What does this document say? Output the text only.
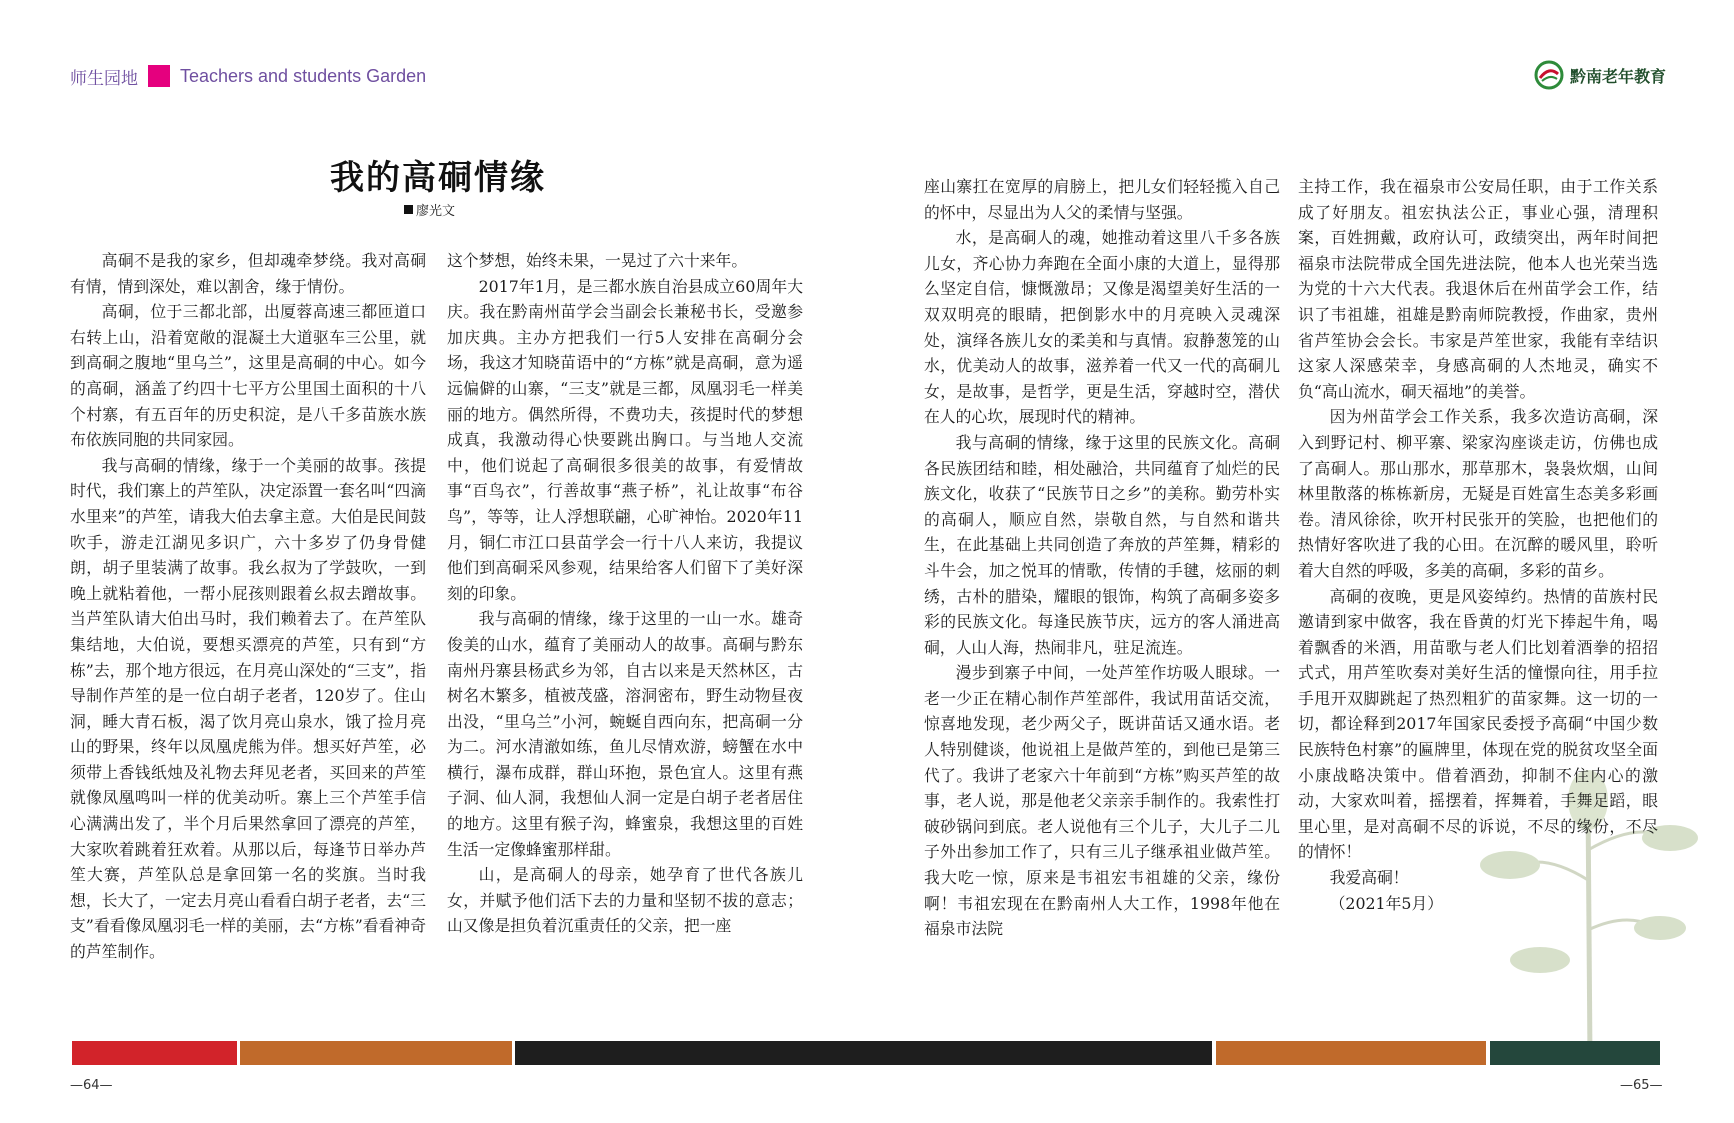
师生园地 Teachers and students Garden	黔南老年教育
我的高硐情缘
廖光文

高硐不是我的家乡，但却魂牵梦绕。我对高硐有情，情到深处，难以割舍，缘于情份。

高硐，位于三都北部，出厦蓉高速三都匝道口右转上山，沿着宽敞的混凝土大道驱车三公里，就到高硐之腹地“里乌兰”，这里是高硐的中心。如今的高硐，涵盖了约四十七平方公里国土面积的十八个村寨，有五百年的历史积淀，是八千多苗族水族布依族同胞的共同家园。

我与高硐的情缘，缘于一个美丽的故事。孩提时代，我们寨上的芦笙队，决定添置一套名叫“四滴水里来”的芦笙，请我大伯去拿主意。大伯是民间鼓吹手，游走江湖见多识广，六十多岁了仍身骨健朗，胡子里装满了故事。我幺叔为了学鼓吹，一到晚上就粘着他，一帮小屁孩则跟着幺叔去蹭故事。当芦笙队请大伯出马时，我们赖着去了。在芦笙队集结地，大伯说，要想买漂亮的芦笙，只有到“方栋”去，那个地方很远，在月亮山深处的“三支”，指导制作芦笙的是一位白胡子老者，120岁了。住山洞，睡大青石板，渴了饮月亮山泉水，饿了捡月亮山的野果，终年以凤凰虎熊为伴。想买好芦笙，必须带上香钱纸烛及礼物去拜见老者，买回来的芦笙就像凤凰鸣叫一样的优美动听。寨上三个芦笙手信心满满出发了，半个月后果然拿回了漂亮的芦笙，大家吹着跳着狂欢着。从那以后，每逢节日举办芦笙大赛，芦笙队总是拿回第一名的奖旗。当时我想，长大了，一定去月亮山看看白胡子老者，去“三支”看看像凤凰羽毛一样的美丽，去“方栋”看看神奇的芦笙制作。

这个梦想，始终未果，一晃过了六十来年。

2017年1月，是三都水族自治县成立60周年大庆。我在黔南州苗学会当副会长兼秘书长，受邀参加庆典。主办方把我们一行5人安排在高硐分会场，我这才知晓苗语中的“方栋”就是高硐，意为遥远偏僻的山寨，“三支”就是三都，凤凰羽毛一样美丽的地方。偶然所得，不费功夫，孩提时代的梦想成真，我激动得心快要跳出胸口。与当地人交流中，他们说起了高硐很多很美的故事，有爱情故事“百鸟衣”，行善故事“燕子桥”，礼让故事“布谷鸟”，等等，让人浮想联翩，心旷神怡。2020年11月，铜仁市江口县苗学会一行十八人来访，我提议他们到高硐采风参观，结果给客人们留下了美好深刻的印象。

我与高硐的情缘，缘于这里的一山一水。雄奇俊美的山水，蕴育了美丽动人的故事。高硐与黔东南州丹寨县杨武乡为邻，自古以来是天然林区，古树名木繁多，植被茂盛，溶洞密布，野生动物昼夜出没，“里乌兰”小河，蜿蜒自西向东，把高硐一分为二。河水清澈如练，鱼儿尽情欢游，螃蟹在水中横行，瀑布成群，群山环抱，景色宜人。这里有燕子洞、仙人洞，我想仙人洞一定是白胡子老者居住的地方。这里有猴子沟，蜂蜜泉，我想这里的百姓生活一定像蜂蜜那样甜。

山，是高硐人的母亲，她孕育了世代各族儿女，并赋予他们活下去的力量和坚韧不拔的意志；山又像是担负着沉重责任的父亲，把一座

座山寨扛在宽厚的肩膀上，把儿女们轻轻揽入自己的怀中，尽显出为人父的柔情与坚强。

水，是高硐人的魂，她推动着这里八千多各族儿女，齐心协力奔跑在全面小康的大道上，显得那么坚定自信，慷慨激昂；又像是渴望美好生活的一双双明亮的眼睛，把倒影水中的月亮映入灵魂深处，演绎各族儿女的柔美和与真情。寂静葱笼的山水，优美动人的故事，滋养着一代又一代的高硐儿女，是故事，是哲学，更是生活，穿越时空，潜伏在人的心坎，展现时代的精神。

我与高硐的情缘，缘于这里的民族文化。高硐各民族团结和睦，相处融洽，共同蕴育了灿烂的民族文化，收获了“民族节日之乡”的美称。勤劳朴实的高硐人，顺应自然，崇敬自然，与自然和谐共生，在此基础上共同创造了奔放的芦笙舞，精彩的斗牛会，加之悦耳的情歌，传情的手毽，炫丽的刺绣，古朴的腊染，耀眼的银饰，构筑了高硐多姿多彩的民族文化。每逢民族节庆，远方的客人涌进高硐，人山人海，热闹非凡，驻足流连。

漫步到寨子中间，一处芦笙作坊吸人眼球。一老一少正在精心制作芦笙部件，我试用苗话交流，惊喜地发现，老少两父子，既讲苗话又通水语。老人特别健谈，他说祖上是做芦笙的，到他已是第三代了。我讲了老家六十年前到“方栋”购买芦笙的故事，老人说，那是他老父亲亲手制作的。我索性打破砂锅问到底。老人说他有三个儿子，大儿子二儿子外出参加工作了，只有三儿子继承祖业做芦笙。我大吃一惊，原来是韦祖宏韦祖雄的父亲，缘份啊！韦祖宏现在在黔南州人大工作，1998年他在福泉市法院

主持工作，我在福泉市公安局任职，由于工作关系成了好朋友。祖宏执法公正，事业心强，清理积案，百姓拥戴，政府认可，政绩突出，两年时间把福泉市法院带成全国先进法院，他本人也光荣当选为党的十六大代表。我退休后在州苗学会工作，结识了韦祖雄，祖雄是黔南师院教授，作曲家，贵州省芦笙协会会长。韦家是芦笙世家，我能有幸结识这家人深感荣幸，身感高硐的人杰地灵，确实不负“高山流水，硐天福地”的美誉。

因为州苗学会工作关系，我多次造访高硐，深入到野记村、柳平寨、梁家沟座谈走访，仿佛也成了高硐人。那山那水，那草那木，袅袅炊烟，山间林里散落的栋栋新房，无疑是百姓富生态美多彩画卷。清风徐徐，吹开村民张开的笑脸，也把他们的热情好客吹进了我的心田。在沉醉的暖风里，聆听着大自然的呼吸，多美的高硐，多彩的苗乡。

高硐的夜晚，更是风姿绰约。热情的苗族村民邀请到家中做客，我在昏黄的灯光下捧起牛角，喝着飘香的米酒，用苗歌与老人们比划着酒拳的招招式式，用芦笙吹奏对美好生活的憧憬向往，用手拉手甩开双脚跳起了热烈粗犷的苗家舞。这一切的一切，都诠释到2017年国家民委授予高硐“中国少数民族特色村寨”的匾牌里，体现在党的脱贫攻坚全面小康战略决策中。借着酒劲，抑制不住内心的激动，大家欢叫着，摇摆着，挥舞着，手舞足蹈，眼里心里，是对高硐不尽的诉说，不尽的缘份，不尽的情怀！

我爱高硐！

（2021年5月）

—64—	—65—
